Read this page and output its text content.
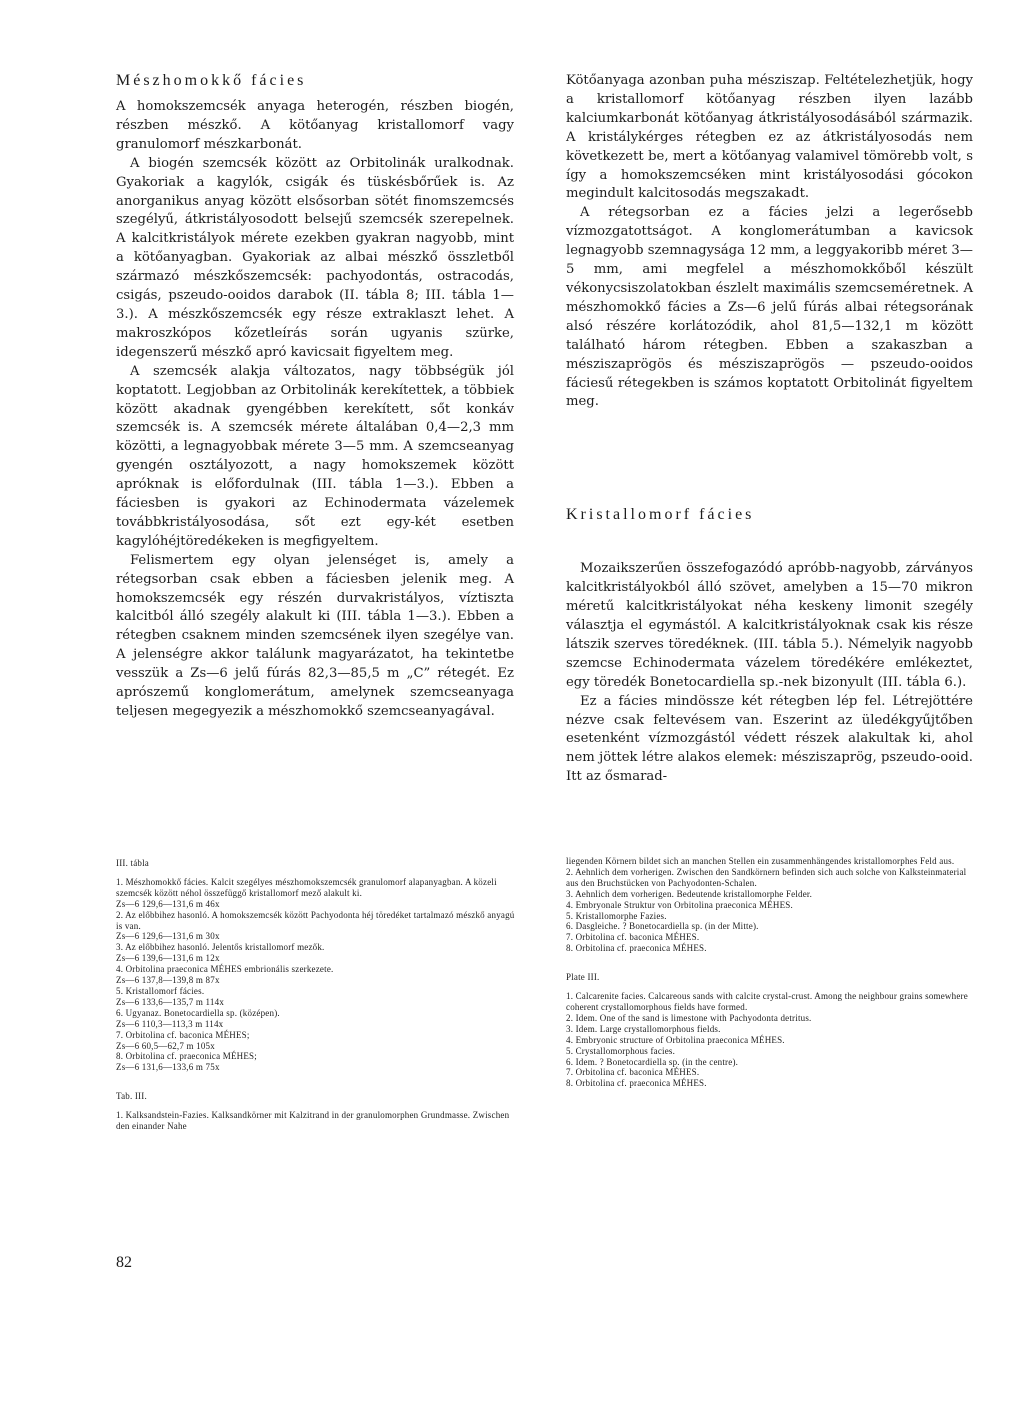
Mészhomokkő fácies

A homokszemcsék anyaga heterogén, részben biogén, részben mészkő. A kötőanyag kristallomorf vagy granulomorf mészkarbonát.

A biogén szemcsék között az Orbitolinák uralkodnak. Gyakoriak a kagylók, csigák és tüskésbőrűek is. Az anorganikus anyag között elsősorban sötét finomszemcsés szegélyű, átkristályosodott belsejű szemcsék szerepelnek. A kalcitkristályok mérete ezekben gyakran nagyobb, mint a kötőanyagban. Gyakoriak az albai mészkő összletből származó mészkőszemcsék: pachyodontás, ostracodás, csigás, pszeudo-ooidos darabok (II. tábla 8; III. tábla 1—3.). A mészkőszemcsék egy része extraklaszt lehet. A makroszkópos kőzetleírás során ugyanis szürke, idegenszerű mészkő apró kavicsait figyeltem meg.

A szemcsék alakja változatos, nagy többségük jól koptatott. Legjobban az Orbitolinák kerekítettek, a többiek között akadnak gyengébben kerekített, sőt konkáv szemcsék is. A szemcsék mérete általában 0,4—2,3 mm közötti, a legnagyobbak mérete 3—5 mm. A szemcseanyag gyengén osztályozott, a nagy homokszemek között apróknak is előfordulnak (III. tábla 1—3.). Ebben a fáciesben is gyakori az Echinodermata vázelemek továbbkristályosodása, sőt ezt egy-két esetben kagylóhéjtöredékeken is megfigyeltem.

Felismertem egy olyan jelenséget is, amely a rétegsorban csak ebben a fáciesben jelenik meg. A homokszemcsék egy részén durvakristályos, víztiszta kalcitból álló szegély alakult ki (III. tábla 1—3.). Ebben a rétegben csaknem minden szemcsének ilyen szegélye van. A jelenségre akkor találunk magyarázatot, ha tekintetbe vesszük a Zs—6 jelű fúrás 82,3—85,5 m „C” rétegét. Ez aprószemű konglomerátum, amelynek szemcseanyaga teljesen megegyezik a mészhomokkő szemcseanyagával.

Kötőanyaga azonban puha mésziszap. Feltételezhetjük, hogy a kristallomorf kötőanyag részben ilyen lazább kalciumkarbonát kötőanyag átkristályosodásából származik. A kristálykérges rétegben ez az átkristályosodás nem következett be, mert a kötőanyag valamivel tömörebb volt, s így a homokszemcséken mint kristályosodási gócokon megindult kalcitosodás megszakadt.

A rétegsorban ez a fácies jelzi a legerősebb vízmozgatottságot. A konglomerátumban a kavicsok legnagyobb szemnagysága 12 mm, a leggyakoribb méret 3—5 mm, ami megfelel a mészhomokkőből készült vékonycsiszolatokban észlelt maximális szemcseméretnek. A mészhomokkő fácies a Zs—6 jelű fúrás albai rétegsorának alsó részére korlátozódik, ahol 81,5—132,1 m között található három rétegben. Ebben a szakaszban a mésziszaprögös és mésziszaprögös — pszeudo-ooidos fáciesű rétegekben is számos koptatott Orbitolinát figyeltem meg.

Kristallomorf fácies

Mozaikszerűen összefogazódó apróbb-nagyobb, zárványos kalcitkristályokból álló szövet, amelyben a 15—70 mikron méretű kalcitkristályokat néha keskeny limonit szegély választja el egymástól. A kalcitkristályoknak csak kis része látszik szerves töredéknek. (III. tábla 5.). Némelyik nagyobb szemcse Echinodermata vázelem töredékére emlékeztet, egy töredék Bonetocardiella sp.-nek bizonyult (III. tábla 6.).

Ez a fácies mindössze két rétegben lép fel. Létrejöttére nézve csak feltevésem van. Eszerint az üledékgyűjtőben esetenként vízmozgástól védett részek alakultak ki, ahol nem jöttek létre alakos elemek: mésziszaprög, pszeudo-ooid. Itt az ősmarad-

III. tábla
1. Mészhomokkő fácies. Kalcit szegélyes mészhomokszemcsék granulomorf alapanyagban. A közeli szemcsék között néhol összefüggő kristallomorf mező alakult ki.
Zs—6 129,6—131,6 m 46x
2. Az előbbihez hasonló. A homokszemcsék között Pachyodonta héj töredéket tartalmazó mészkő anyagú is van.
Zs—6 129,6—131,6 m 30x
3. Az előbbihez hasonló. Jelentős kristallomorf mezők.
Zs—6 139,6—131,6 m 12x
4. Orbitolina praeconica MÉHES embrionális szerkezete.
Zs—6 137,8—139,8 m 87x
5. Kristallomorf fácies.
Zs—6 133,6—135,7 m 114x
6. Ugyanaz. Bonetocardiella sp. (középen).
Zs—6 110,3—113,3 m 114x
7. Orbitolina cf. baconica MÉHES;
Zs—6 60,5—62,7 m 105x
8. Orbitolina cf. praeconica MÉHES;
Zs—6 131,6—133,6 m 75x
Tab. III.
1. Kalksandstein-Fazies. Kalksandkörner mit Kalzitrand in der granulomorphen Grundmasse. Zwischen den einander Nahe
liegenden Körnern bildet sich an manchen Stellen ein zusammenhängendes kristallomorphes Feld aus.
2. Aehnlich dem vorherigen. Zwischen den Sandkörnern befinden sich auch solche von Kalksteinmaterial aus den Bruchstücken von Pachyodonten-Schalen.
3. Aehnlich dem vorherigen. Bedeutende kristallomorphe Felder.
4. Embryonale Struktur von Orbitolina praeconica MÉHES.
5. Kristallomorphe Fazies.
6. Dasgleiche. ? Bonetocardiella sp. (in der Mitte).
7. Orbitolina cf. baconica MÉHES.
8. Orbitolina cf. praeconica MÉHES.
Plate III.
1. Calcarenite facies. Calcareous sands with calcite crystal-crust. Among the neighbour grains somewhere coherent crystallomorphous fields have formed.
2. Idem. One of the sand is limestone with Pachyodonta detritus.
3. Idem. Large crystallomorphous fields.
4. Embryonic structure of Orbitolina praeconica MÉHES.
5. Crystallomorphous facies.
6. Idem. ? Bonetocardiella sp. (in the centre).
7. Orbitolina cf. baconica MÉHES.
8. Orbitolina cf. praeconica MÉHES.
82
